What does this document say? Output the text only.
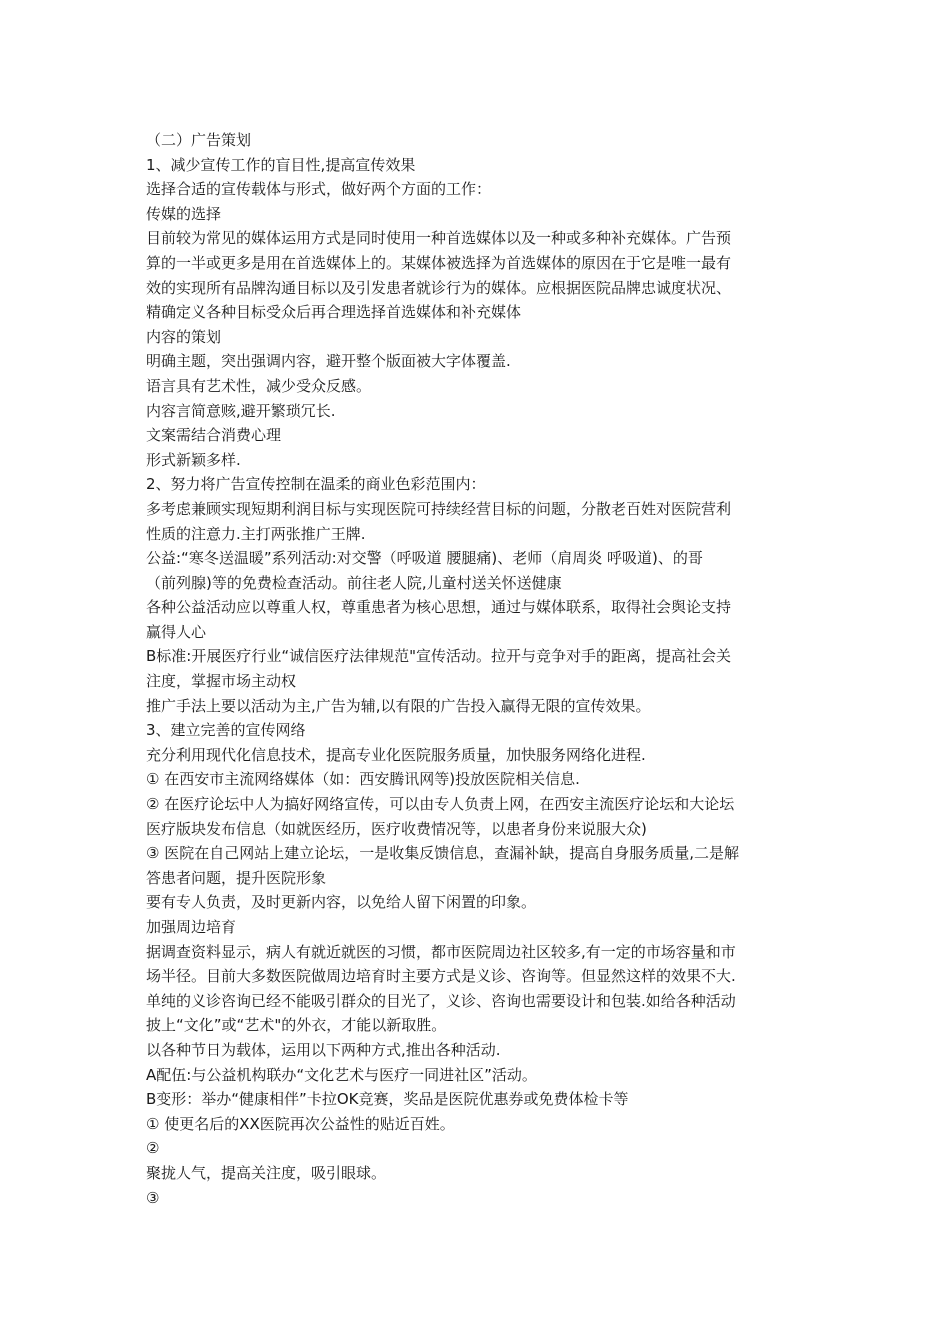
（二）广告策划

1、减少宣传工作的盲目性,提高宣传效果

选择合适的宣传载体与形式，做好两个方面的工作：

传媒的选择

目前较为常见的媒体运用方式是同时使用一种首选媒体以及一种或多种补充媒体。广告预
算的一半或更多是用在首选媒体上的。某媒体被选择为首选媒体的原因在于它是唯一最有
效的实现所有品牌沟通目标以及引发患者就诊行为的媒体。应根据医院品牌忠诚度状况、
精确定义各种目标受众后再合理选择首选媒体和补充媒体

内容的策划

明确主题，突出强调内容，避开整个版面被大字体覆盖.

语言具有艺术性，减少受众反感。

内容言简意赅,避开繁琐冗长.

文案需结合消费心理

形式新颖多样.

2、努力将广告宣传控制在温柔的商业色彩范围内：

多考虑兼顾实现短期利润目标与实现医院可持续经营目标的问题，分散老百姓对医院营利
性质的注意力.主打两张推广王牌.

公益:“寒冬送温暖”系列活动:对交警（呼吸道 腰腿痛)、老师（肩周炎 呼吸道)、的哥
（前列腺)等的免费检查活动。前往老人院,儿童村送关怀送健康

各种公益活动应以尊重人权，尊重患者为核心思想，通过与媒体联系，取得社会舆论支持
赢得人心

B标准:开展医疗行业“诚信医疗法律规范"宣传活动。拉开与竞争对手的距离，提高社会关
注度，掌握市场主动权

推广手法上要以活动为主,广告为辅,以有限的广告投入赢得无限的宣传效果。

3、建立完善的宣传网络

充分利用现代化信息技术，提高专业化医院服务质量，加快服务网络化进程.

① 在西安市主流网络媒体（如：西安腾讯网等)投放医院相关信息.

② 在医疗论坛中人为搞好网络宣传，可以由专人负责上网，在西安主流医疗论坛和大论坛
医疗版块发布信息（如就医经历，医疗收费情况等，以患者身份来说服大众)

③ 医院在自己网站上建立论坛，一是收集反馈信息，查漏补缺，提高自身服务质量,二是解
答患者问题，提升医院形象

要有专人负责，及时更新内容，以免给人留下闲置的印象。

加强周边培育

据调查资料显示，病人有就近就医的习惯，都市医院周边社区较多,有一定的市场容量和市
场半径。目前大多数医院做周边培育时主要方式是义诊、咨询等。但显然这样的效果不大.
单纯的义诊咨询已经不能吸引群众的目光了，义诊、咨询也需要设计和包装.如给各种活动
披上“文化”或“艺术"的外衣，才能以新取胜。

以各种节日为载体，运用以下两种方式,推出各种活动.

A配伍:与公益机构联办“文化艺术与医疗一同进社区”活动。

B变形：举办“健康相伴”卡拉OK竞赛，奖品是医院优惠券或免费体检卡等

① 使更名后的XX医院再次公益性的贴近百姓。

②

聚拢人气，提高关注度，吸引眼球。

③
